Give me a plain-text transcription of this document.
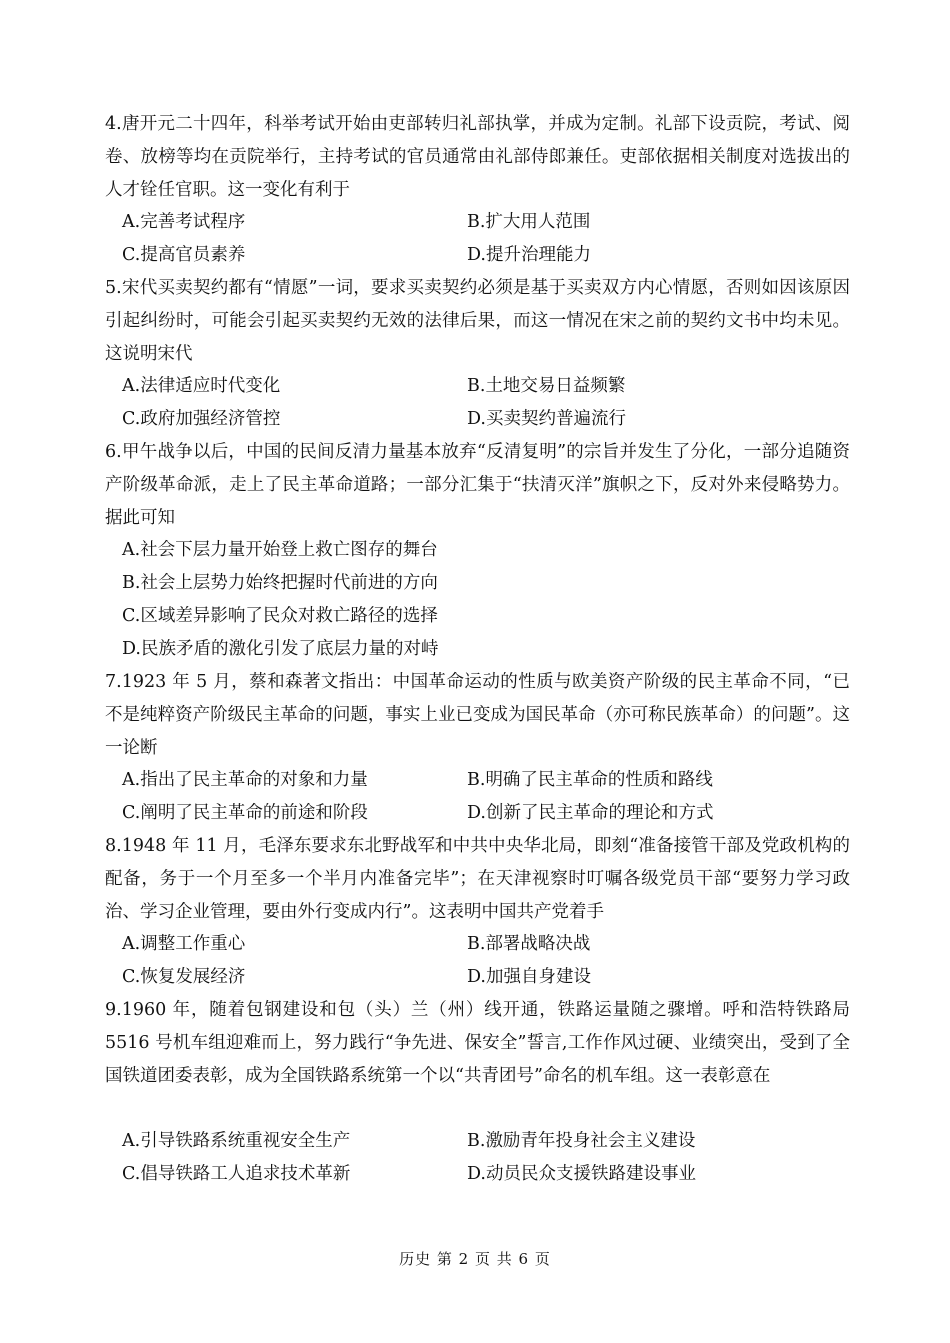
4.唐开元二十四年，科举考试开始由吏部转归礼部执掌，并成为定制。礼部下设贡院，考试、阅卷、放榜等均在贡院举行，主持考试的官员通常由礼部侍郎兼任。吏部依据相关制度对选拔出的人才铨任官职。这一变化有利于
A.完善考试程序	B.扩大用人范围
C.提高官员素养	D.提升治理能力
5.宋代买卖契约都有“情愿”一词，要求买卖契约必须是基于买卖双方内心情愿，否则如因该原因引起纠纷时，可能会引起买卖契约无效的法律后果，而这一情况在宋之前的契约文书中均未见。这说明宋代
A.法律适应时代变化	B.土地交易日益频繁
C.政府加强经济管控	D.买卖契约普遍流行
6.甲午战争以后，中国的民间反清力量基本放弃“反清复明”的宗旨并发生了分化，一部分追随资产阶级革命派，走上了民主革命道路；一部分汇集于“扶清灭洋”旗帜之下，反对外来侵略势力。据此可知
A.社会下层力量开始登上救亡图存的舞台
B.社会上层势力始终把握时代前进的方向
C.区域差异影响了民众对救亡路径的选择
D.民族矛盾的激化引发了底层力量的对峙
7.1923 年 5 月，蔡和森著文指出：中国革命运动的性质与欧美资产阶级的民主革命不同，“已不是纯粹资产阶级民主革命的问题，事实上业已变成为国民革命（亦可称民族革命）的问题”。这一论断
A.指出了民主革命的对象和力量	B.明确了民主革命的性质和路线
C.阐明了民主革命的前途和阶段	D.创新了民主革命的理论和方式
8.1948 年 11 月，毛泽东要求东北野战军和中共中央华北局，即刻“准备接管干部及党政机构的配备，务于一个月至多一个半月内准备完毕”；在天津视察时叮嘱各级党员干部“要努力学习政治、学习企业管理，要由外行变成内行”。这表明中国共产党着手
A.调整工作重心	B.部署战略决战
C.恢复发展经济	D.加强自身建设
9.1960 年，随着包钢建设和包（头）兰（州）线开通，铁路运量随之骤增。呼和浩特铁路局 5516 号机车组迎难而上，努力践行“争先进、保安全”誓言,工作作风过硬、业绩突出，受到了全国铁道团委表彰，成为全国铁路系统第一个以“共青团号”命名的机车组。这一表彰意在
A.引导铁路系统重视安全生产	B.激励青年投身社会主义建设
C.倡导铁路工人追求技术革新	D.动员民众支援铁路建设事业
历史 第 2 页 共 6 页
